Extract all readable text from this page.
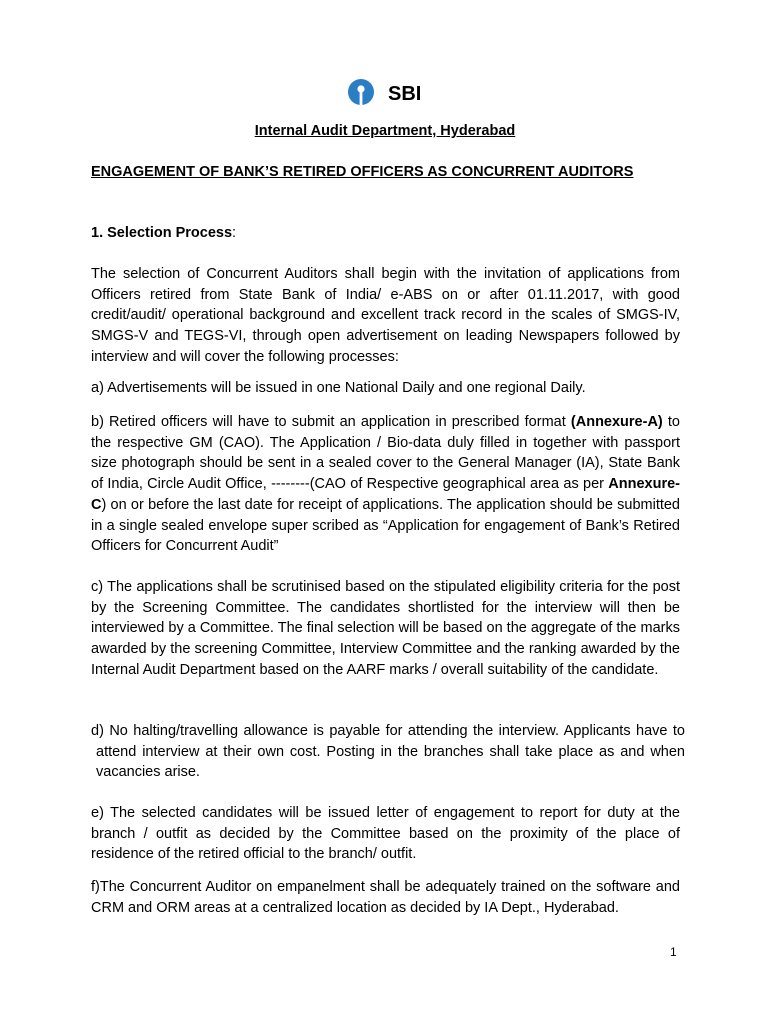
SBI
Internal Audit Department, Hyderabad
ENGAGEMENT OF BANK’S RETIRED OFFICERS AS CONCURRENT AUDITORS
1. Selection Process:

The selection of Concurrent Auditors shall begin with the invitation of applications from Officers retired from State Bank of India/ e-ABS on or after 01.11.2017, with good credit/audit/ operational background and excellent track record in the scales of SMGS-IV, SMGS-V and TEGS-VI, through open advertisement on leading Newspapers followed by interview and will cover the following processes:

a) Advertisements will be issued in one National Daily and one regional Daily.

b) Retired officers will have to submit an application in prescribed format (Annexure-A) to the respective GM (CAO). The Application / Bio-data duly filled in together with passport size photograph should be sent in a sealed cover to the General Manager (IA), State Bank of India, Circle Audit Office, --------(CAO of Respective geographical area as per Annexure-C) on or before the last date for receipt of applications. The application should be submitted in a single sealed envelope super scribed as “Application for engagement of Bank’s Retired Officers for Concurrent Audit”

c) The applications shall be scrutinised based on the stipulated eligibility criteria for the post by the Screening Committee. The candidates shortlisted for the interview will then be interviewed by a Committee. The final selection will be based on the aggregate of the marks awarded by the screening Committee, Interview Committee and the ranking awarded by the Internal Audit Department based on the AARF marks / overall suitability of the candidate.

d) No halting/travelling allowance is payable for attending the interview. Applicants have to attend interview at their own cost. Posting in the branches shall take place as and when vacancies arise.

e) The selected candidates will be issued letter of engagement to report for duty at the branch / outfit as decided by the Committee based on the proximity of the place of residence of the retired official to the branch/ outfit.

f)The Concurrent Auditor on empanelment shall be adequately trained on the software and CRM and ORM areas at a centralized location as decided by IA Dept., Hyderabad.

1
